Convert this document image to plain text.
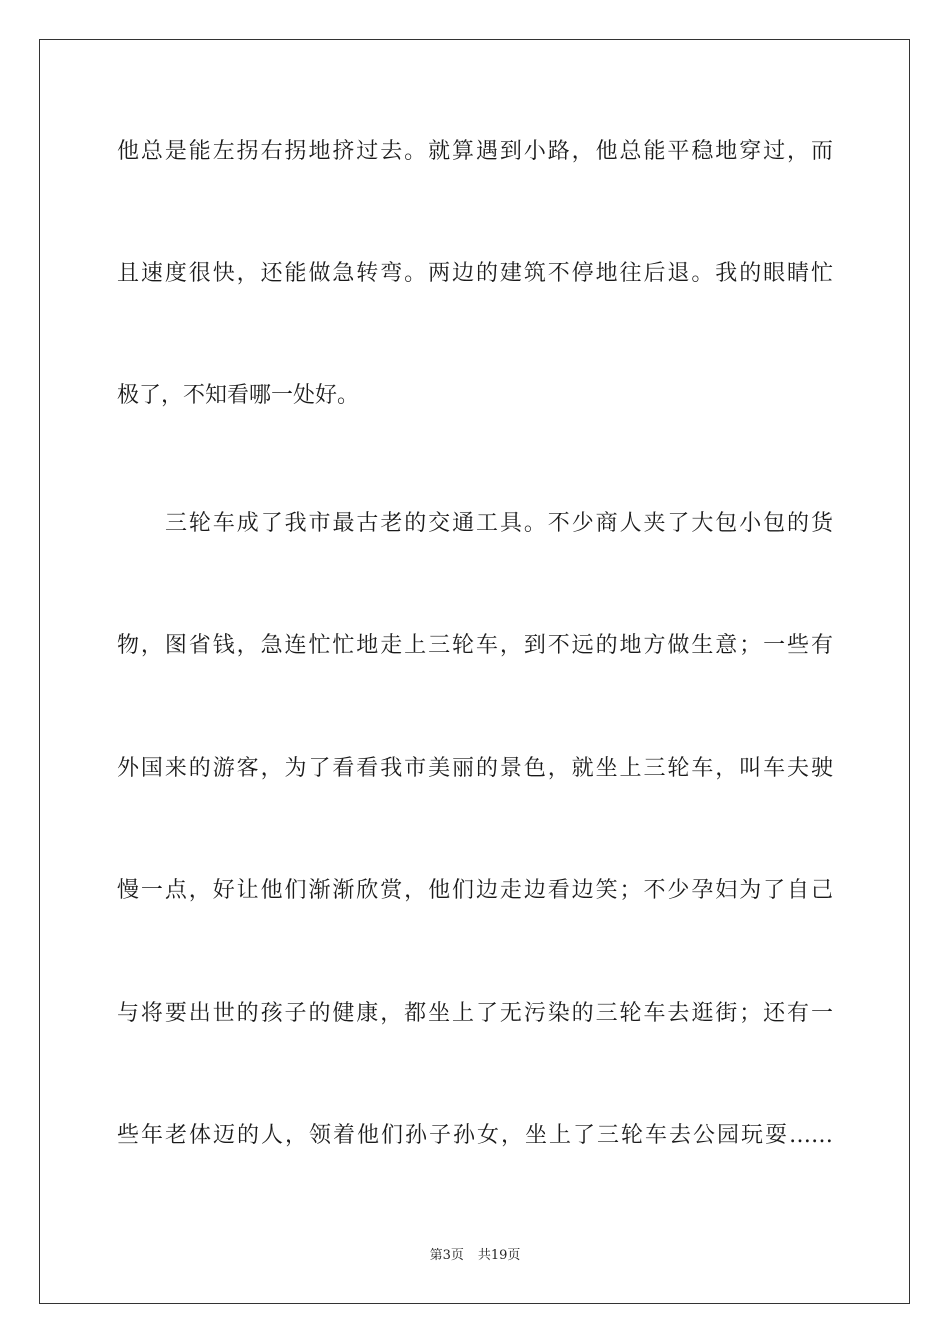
他总是能左拐右拐地挤过去。就算遇到小路，他总能平稳地穿过，而
且速度很快，还能做急转弯。两边的建筑不停地往后退。我的眼睛忙
极了，不知看哪一处好。
三轮车成了我市最古老的交通工具。不少商人夹了大包小包的货
物，图省钱，急连忙忙地走上三轮车，到不远的地方做生意；一些有
外国来的游客，为了看看我市美丽的景色，就坐上三轮车，叫车夫驶
慢一点，好让他们渐渐欣赏，他们边走边看边笑；不少孕妇为了自己
与将要出世的孩子的健康，都坐上了无污染的三轮车去逛街；还有一
些年老体迈的人，领着他们孙子孙女，坐上了三轮车去公园玩耍……
第3页 共19页
